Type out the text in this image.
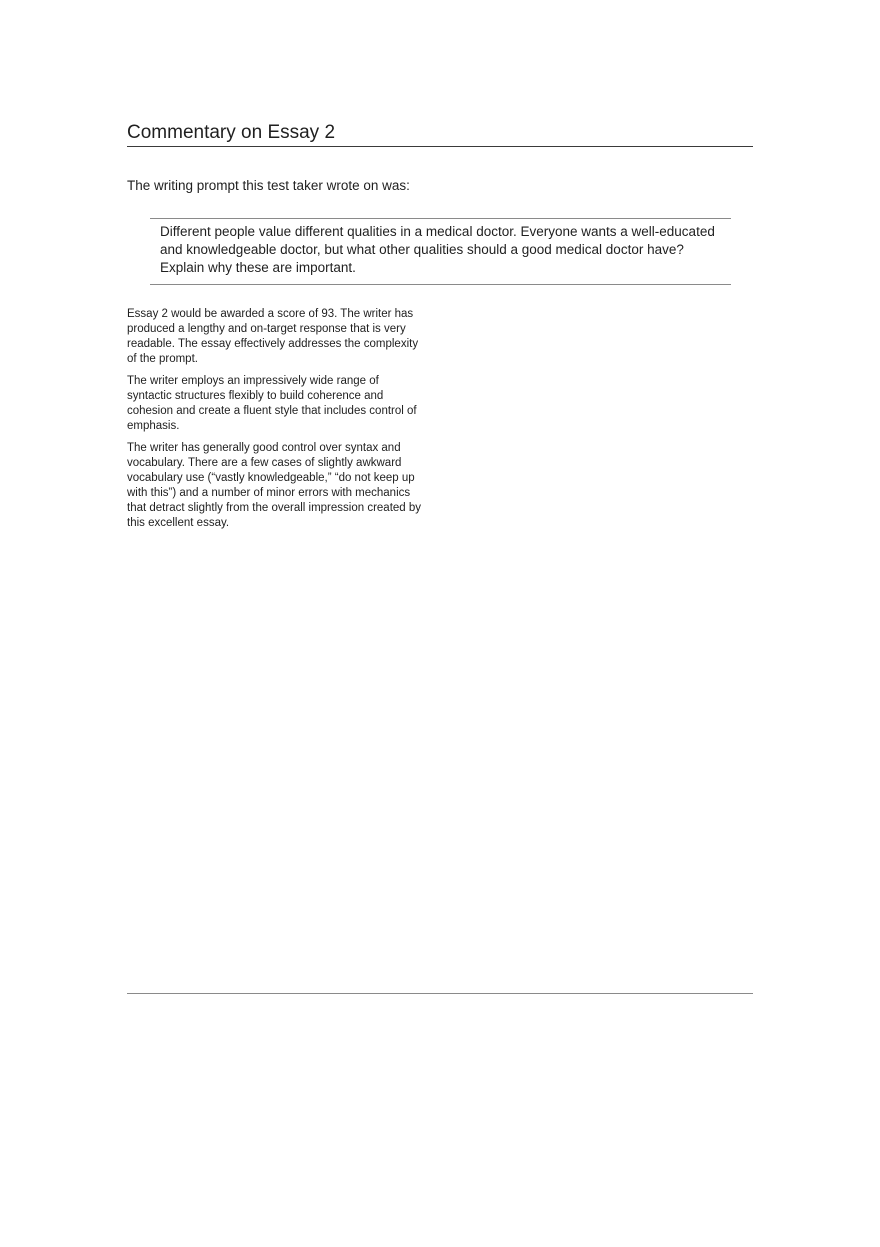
Commentary on Essay 2

The writing prompt this test taker wrote on was:

Different people value different qualities in a medical doctor. Everyone wants a well-educated and knowledgeable doctor, but what other qualities should a good medical doctor have? Explain why these are important.

Essay 2 would be awarded a score of 93. The writer has produced a lengthy and on-target response that is very readable. The essay effectively addresses the complexity of the prompt.

The writer employs an impressively wide range of syntactic structures flexibly to build coherence and cohesion and create a fluent style that includes control of emphasis.

The writer has generally good control over syntax and vocabulary. There are a few cases of slightly awkward vocabulary use (“vastly knowledgeable,” “do not keep up with this”) and a number of minor errors with mechanics that detract slightly from the overall impression created by this excellent essay.
